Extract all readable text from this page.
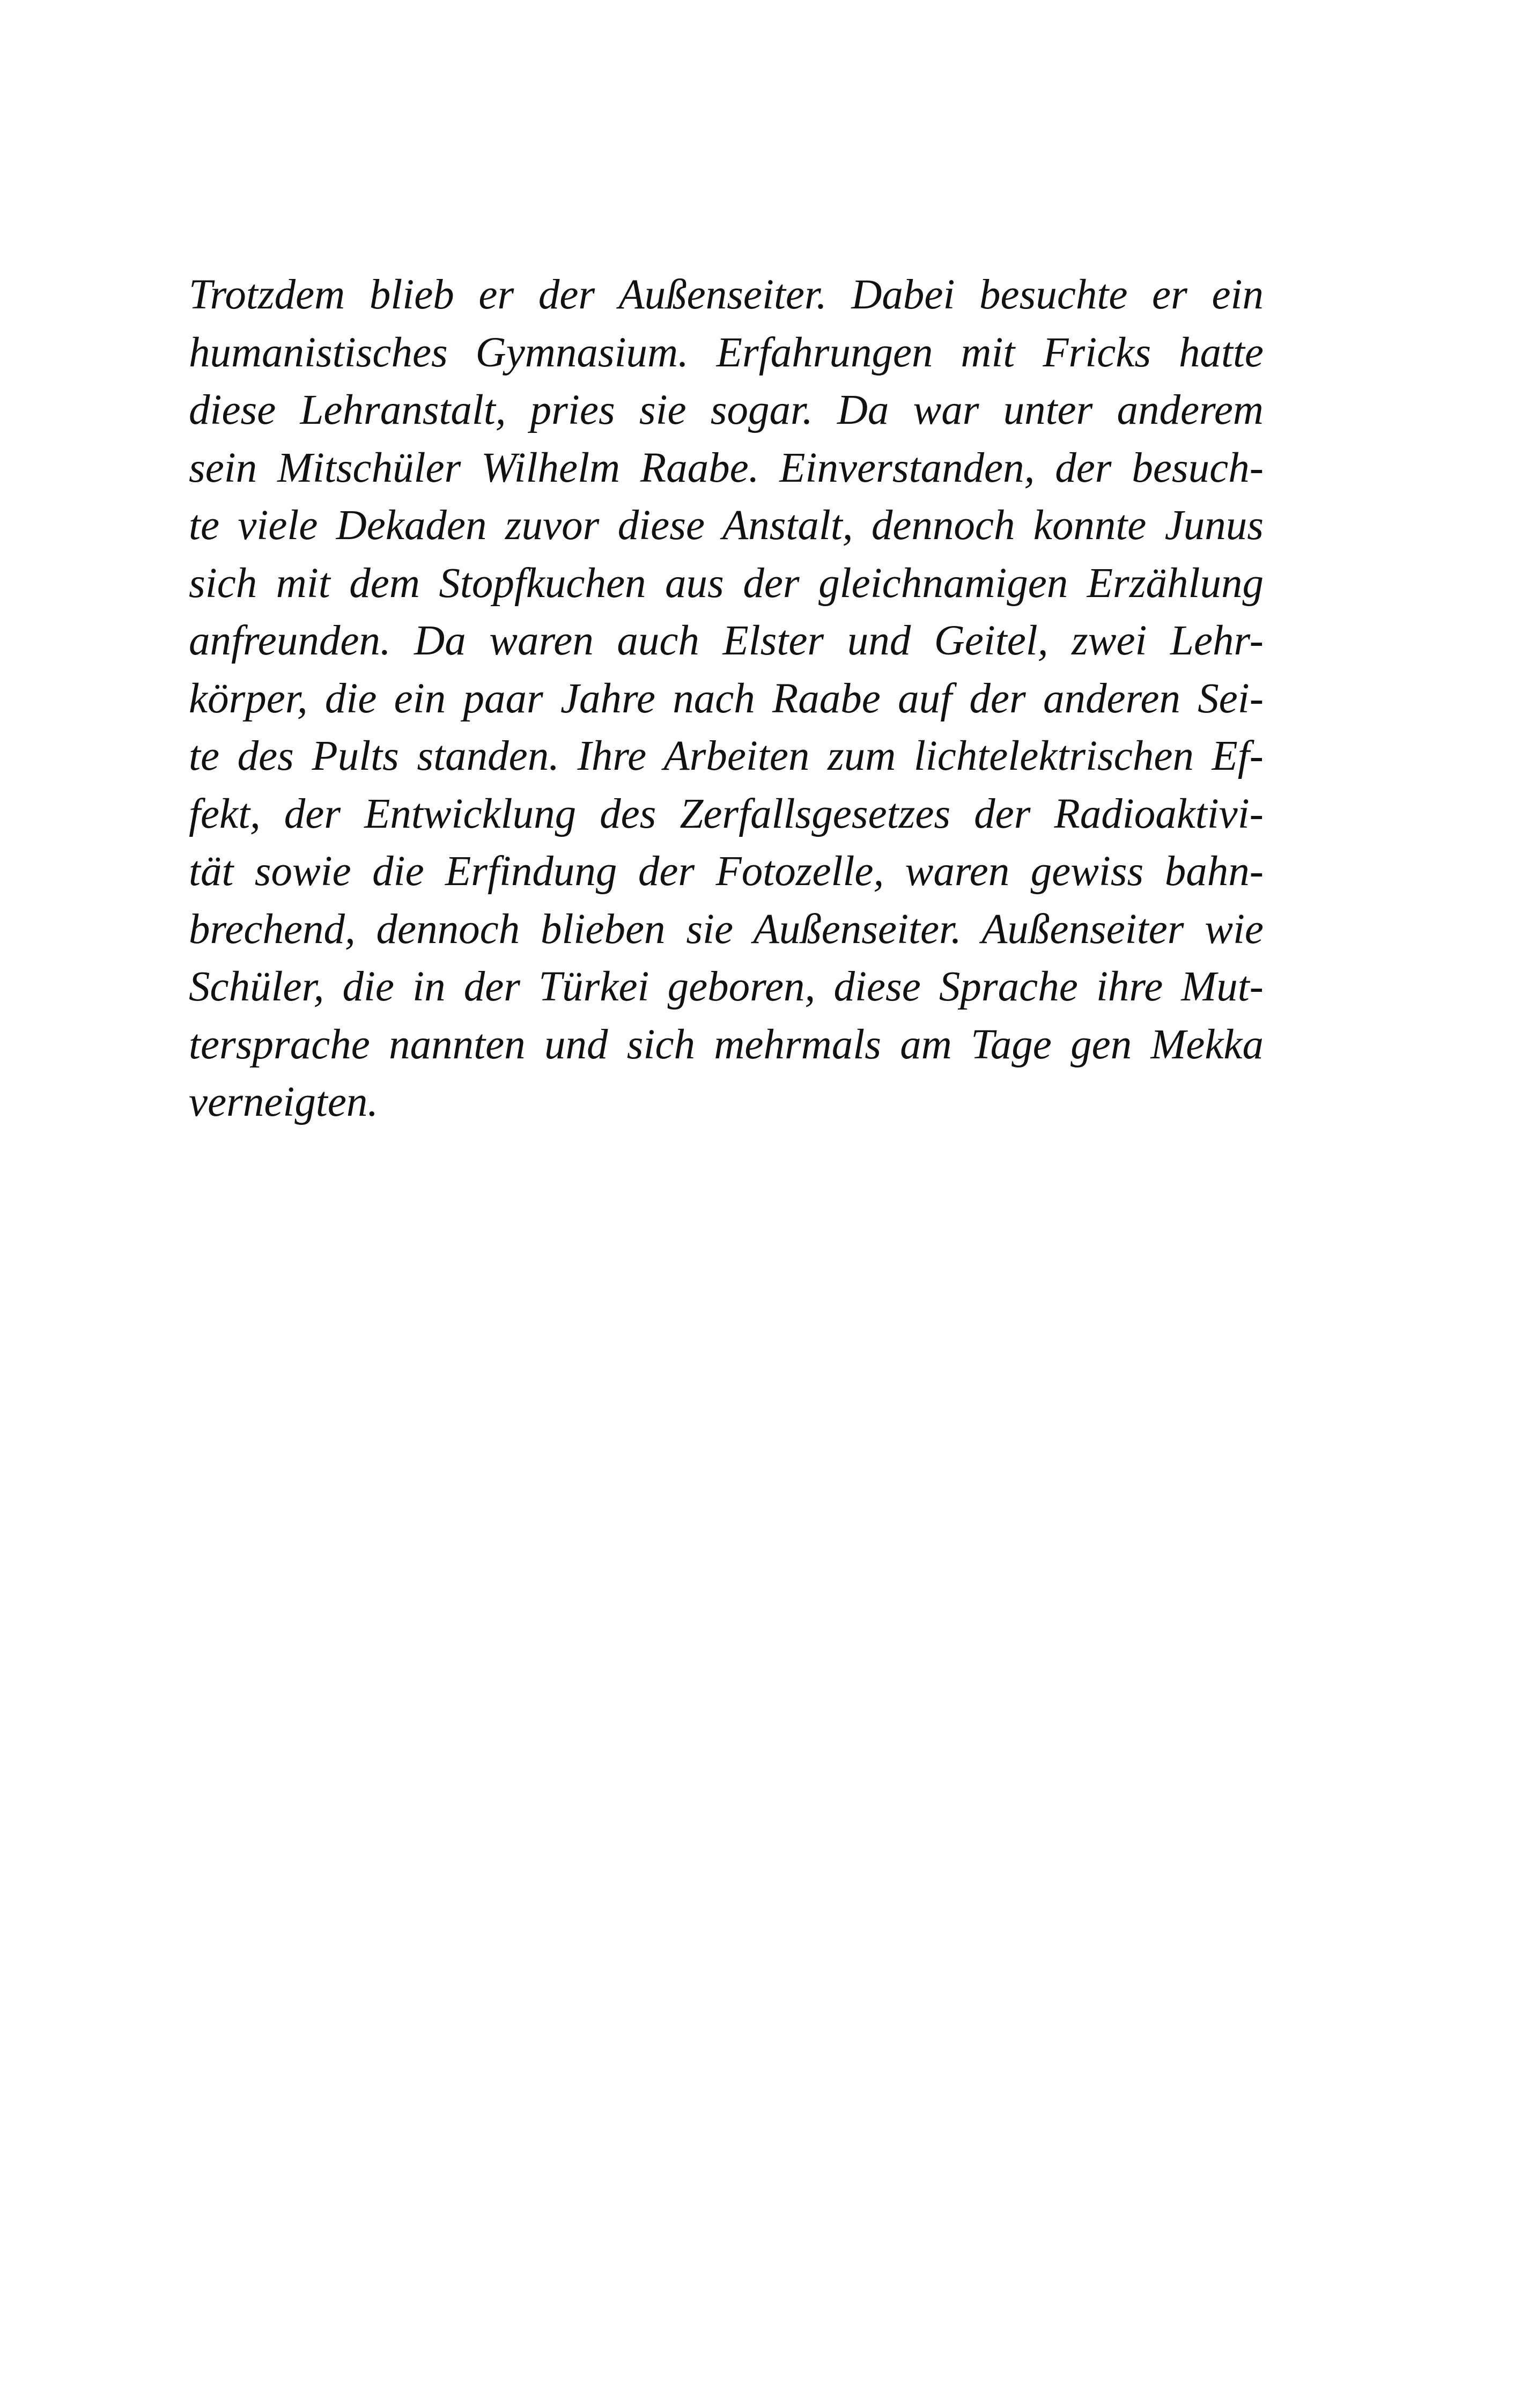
Trotzdem blieb er der Außenseiter. Dabei besuchte er ein
humanistisches Gymnasium. Erfahrungen mit Fricks hatte
diese Lehranstalt, pries sie sogar. Da war unter anderem
sein Mitschüler Wilhelm Raabe. Einverstanden, der besuch-
te viele Dekaden zuvor diese Anstalt, dennoch konnte Junus
sich mit dem Stopfkuchen aus der gleichnamigen Erzählung
anfreunden. Da waren auch Elster und Geitel, zwei Lehr-
körper, die ein paar Jahre nach Raabe auf der anderen Sei-
te des Pults standen. Ihre Arbeiten zum lichtelektrischen Ef-
fekt, der Entwicklung des Zerfallsgesetzes der Radioaktivi-
tät sowie die Erfindung der Fotozelle, waren gewiss bahn-
brechend, dennoch blieben sie Außenseiter. Außenseiter wie
Schüler, die in der Türkei geboren, diese Sprache ihre Mut-
tersprache nannten und sich mehrmals am Tage gen Mekka
verneigten.
